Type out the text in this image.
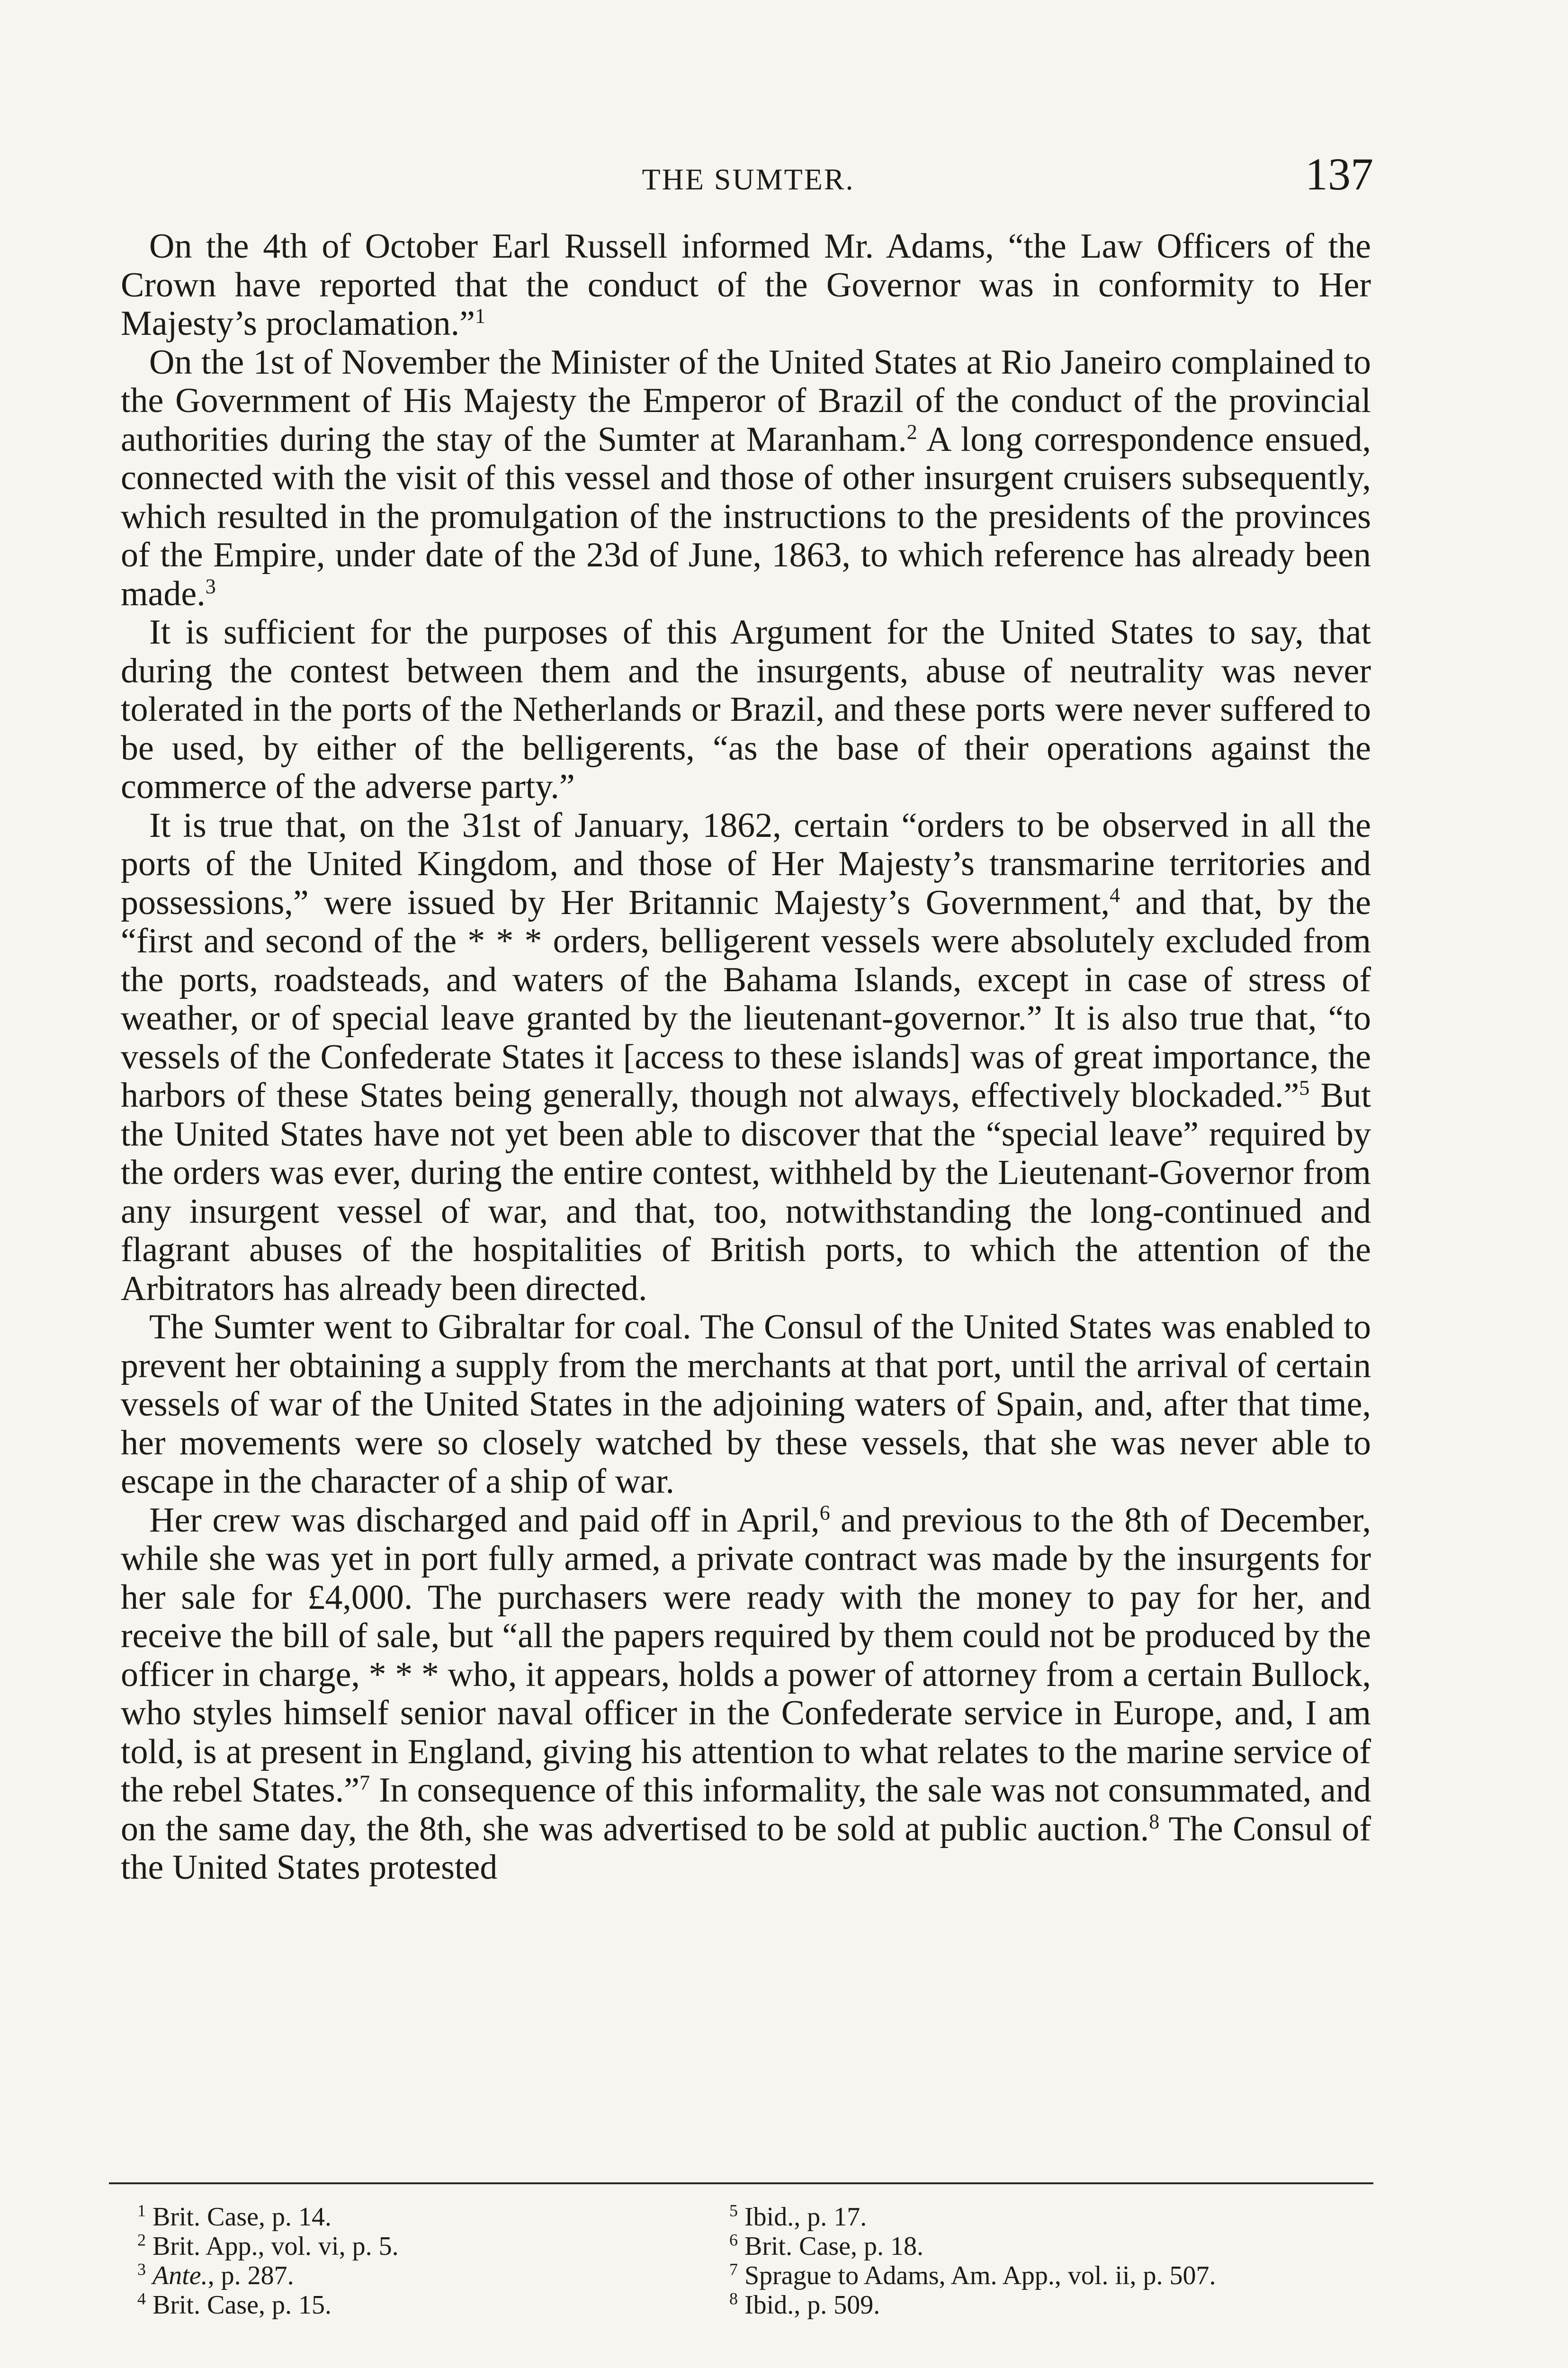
THE SUMTER.	137

On the 4th of October Earl Russell informed Mr. Adams, “the Law Officers of the Crown have reported that the conduct of the Governor was in conformity to Her Majesty’s proclamation.”$^1$

On the 1st of November the Minister of the United States at Rio Janeiro complained to the Government of His Majesty the Emperor of Brazil of the conduct of the provincial authorities during the stay of the Sumter at Maranham.$^2$ A long correspondence ensued, connected with the visit of this vessel and those of other insurgent cruisers subsequently, which resulted in the promulgation of the instructions to the presidents of the provinces of the Empire, under date of the 23d of June, 1863, to which reference has already been made.$^3$

It is sufficient for the purposes of this Argument for the United States to say, that during the contest between them and the insurgents, abuse of neutrality was never tolerated in the ports of the Netherlands or Brazil, and these ports were never suffered to be used, by either of the belligerents, “as the base of their operations against the commerce of the adverse party.”

It is true that, on the 31st of January, 1862, certain “orders to be observed in all the ports of the United Kingdom, and those of Her Majesty’s transmarine territories and possessions,” were issued by Her Britannic Majesty’s Government,$^4$ and that, by the “first and second of the * * * orders, belligerent vessels were absolutely excluded from the ports, roadsteads, and waters of the Bahama Islands, except in case of stress of weather, or of special leave granted by the lieutenant-governor.” It is also true that, “to vessels of the Confederate States it [access to these islands] was of great importance, the harbors of these States being generally, though not always, effectively blockaded.”$^5$ But the United States have not yet been able to discover that the “special leave” required by the orders was ever, during the entire contest, withheld by the Lieutenant-Governor from any insurgent vessel of war, and that, too, notwithstanding the long-continued and flagrant abuses of the hospitalities of British ports, to which the attention of the Arbitrators has already been directed.

The Sumter went to Gibraltar for coal. The Consul of the United States was enabled to prevent her obtaining a supply from the merchants at that port, until the arrival of certain vessels of war of the United States in the adjoining waters of Spain, and, after that time, her movements were so closely watched by these vessels, that she was never able to escape in the character of a ship of war.

Her crew was discharged and paid off in April,$^6$ and previous to the 8th of December, while she was yet in port fully armed, a private contract was made by the insurgents for her sale for £4,000. The purchasers were ready with the money to pay for her, and receive the bill of sale, but “all the papers required by them could not be produced by the officer in charge, * * * who, it appears, holds a power of attorney from a certain Bullock, who styles himself senior naval officer in the Confederate service in Europe, and, I am told, is at present in England, giving his attention to what relates to the marine service of the rebel States.”$^7$ In consequence of this informality, the sale was not consummated, and on the same day, the 8th, she was advertised to be sold at public auction.$^8$ The Consul of the United States protested

$^1$ Brit. Case, p. 14.
$^2$ Brit. App., vol. vi, p. 5.
$^3$ Ante., p. 287.
$^4$ Brit. Case, p. 15.
$^5$ Ibid., p. 17.
$^6$ Brit. Case, p. 18.
$^7$ Sprague to Adams, Am. App., vol. ii, p. 507.
$^8$ Ibid., p. 509.
